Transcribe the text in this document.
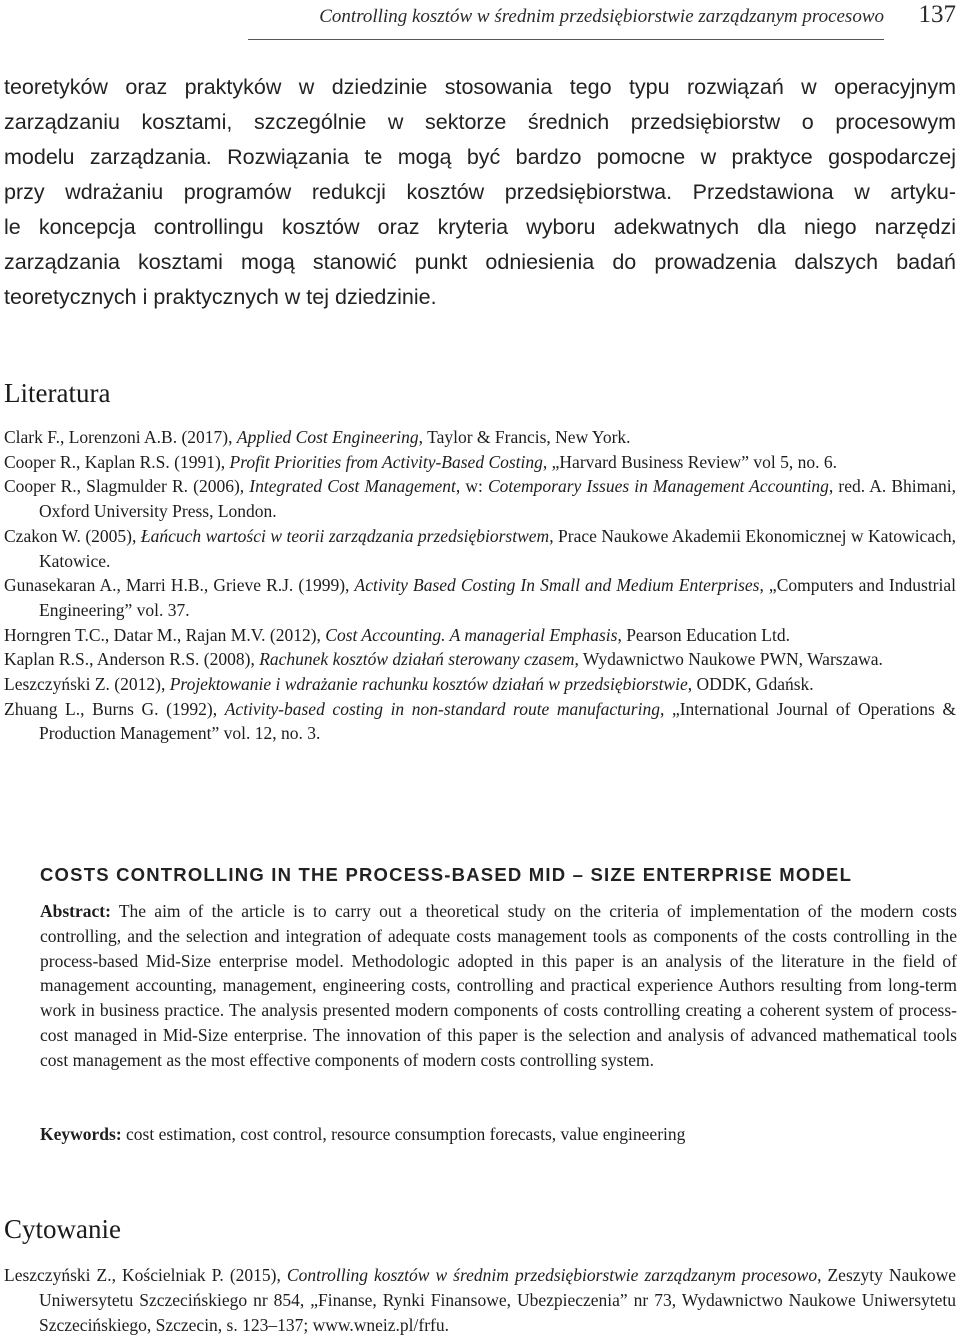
Controlling kosztów w średnim przedsiębiorstwie zarządzanym procesowo 137
teoretyków oraz praktyków w dziedzinie stosowania tego typu rozwiązań w operacyjnym
zarządzaniu kosztami, szczególnie w sektorze średnich przedsiębiorstw o procesowym
modelu zarządzania. Rozwiązania te mogą być bardzo pomocne w praktyce gospodarczej
przy wdrażaniu programów redukcji kosztów przedsiębiorstwa. Przedstawiona w artyku-
le koncepcja controllingu kosztów oraz kryteria wyboru adekwatnych dla niego narzędzi
zarządzania kosztami mogą stanowić punkt odniesienia do prowadzenia dalszych badań
teoretycznych i praktycznych w tej dziedzinie.
Literatura
Clark F., Lorenzoni A.B. (2017), Applied Cost Engineering, Taylor & Francis, New York.
Cooper R., Kaplan R.S. (1991), Profit Priorities from Activity-Based Costing, „Harvard Business Review” vol 5, no. 6.
Cooper R., Slagmulder R. (2006), Integrated Cost Management, w: Cotemporary Issues in Management Accounting, red. A. Bhimani, Oxford University Press, London.
Czakon W. (2005), Łańcuch wartości w teorii zarządzania przedsiębiorstwem, Prace Naukowe Akademii Ekonomicznej w Katowicach, Katowice.
Gunasekaran A., Marri H.B., Grieve R.J. (1999), Activity Based Costing In Small and Medium Enterprises, „Computers and Industrial Engineering” vol. 37.
Horngren T.C., Datar M., Rajan M.V. (2012), Cost Accounting. A managerial Emphasis, Pearson Education Ltd.
Kaplan R.S., Anderson R.S. (2008), Rachunek kosztów działań sterowany czasem, Wydawnictwo Naukowe PWN, Warszawa.
Leszczyński Z. (2012), Projektowanie i wdrażanie rachunku kosztów działań w przedsiębiorstwie, ODDK, Gdańsk.
Zhuang L., Burns G. (1992), Activity-based costing in non-standard route manufacturing, „International Journal of Operations & Production Management” vol. 12, no. 3.
COSTS CONTROLLING IN THE PROCESS-BASED MID – SIZE ENTERPRISE MODEL

Abstract: The aim of the article is to carry out a theoretical study on the criteria of implementation of the modern costs controlling, and the selection and integration of adequate costs management tools as components of the costs controlling in the process-based Mid-Size enterprise model. Methodologic adopted in this paper is an analysis of the literature in the field of management accounting, management, engineering costs, controlling and practical experience Authors resulting from long-term work in business practice. The analysis presented modern components of costs controlling creating a coherent system of process-cost managed in Mid-Size enterprise. The innovation of this paper is the selection and analysis of advanced mathematical tools cost management as the most effective components of modern costs controlling system.

Keywords: cost estimation, cost control, resource consumption forecasts, value engineering

Cytowanie

Leszczyński Z., Kościelniak P. (2015), Controlling kosztów w średnim przedsiębiorstwie zarządzanym procesowo, Zeszyty Naukowe Uniwersytetu Szczecińskiego nr 854, „Finanse, Rynki Finansowe, Ubezpieczenia” nr 73, Wydawnictwo Naukowe Uniwersytetu Szczecińskiego, Szczecin, s. 123–137; www.wneiz.pl/frfu.
